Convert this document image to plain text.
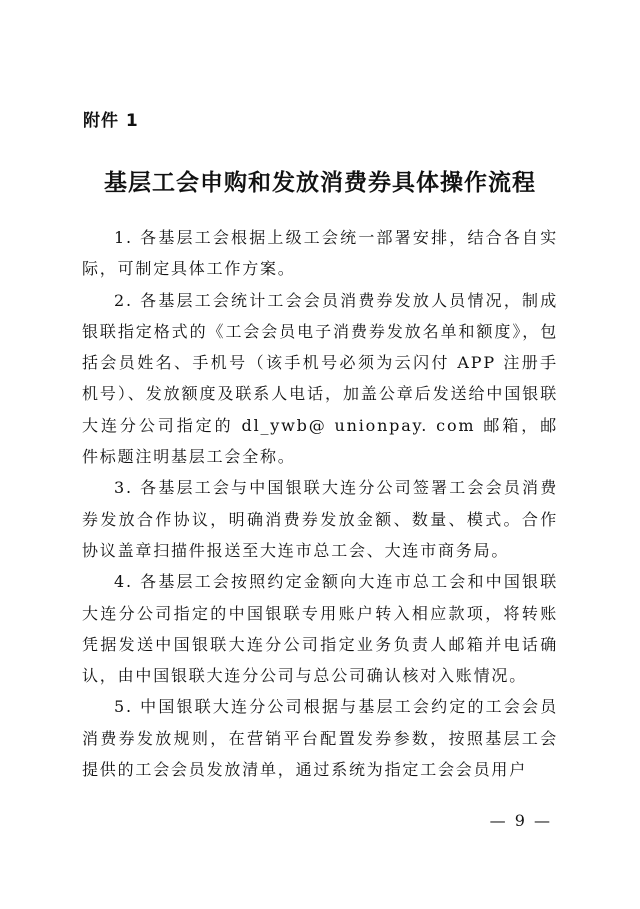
附件 1
基层工会申购和发放消费券具体操作流程

1. 各基层工会根据上级工会统一部署安排，结合各自实际，可制定具体工作方案。

2. 各基层工会统计工会会员消费券发放人员情况，制成银联指定格式的《工会会员电子消费券发放名单和额度》，包括会员姓名、手机号（该手机号必须为云闪付 APP 注册手机号）、发放额度及联系人电话，加盖公章后发送给中国银联大连分公司指定的 dl_ywb@ unionpay. com 邮箱，邮件标题注明基层工会全称。

3. 各基层工会与中国银联大连分公司签署工会会员消费券发放合作协议，明确消费券发放金额、数量、模式。合作协议盖章扫描件报送至大连市总工会、大连市商务局。

4. 各基层工会按照约定金额向大连市总工会和中国银联大连分公司指定的中国银联专用账户转入相应款项，将转账凭据发送中国银联大连分公司指定业务负责人邮箱并电话确认，由中国银联大连分公司与总公司确认核对入账情况。

5. 中国银联大连分公司根据与基层工会约定的工会会员消费券发放规则，在营销平台配置发券参数，按照基层工会提供的工会会员发放清单，通过系统为指定工会会员用户

— 9 —
